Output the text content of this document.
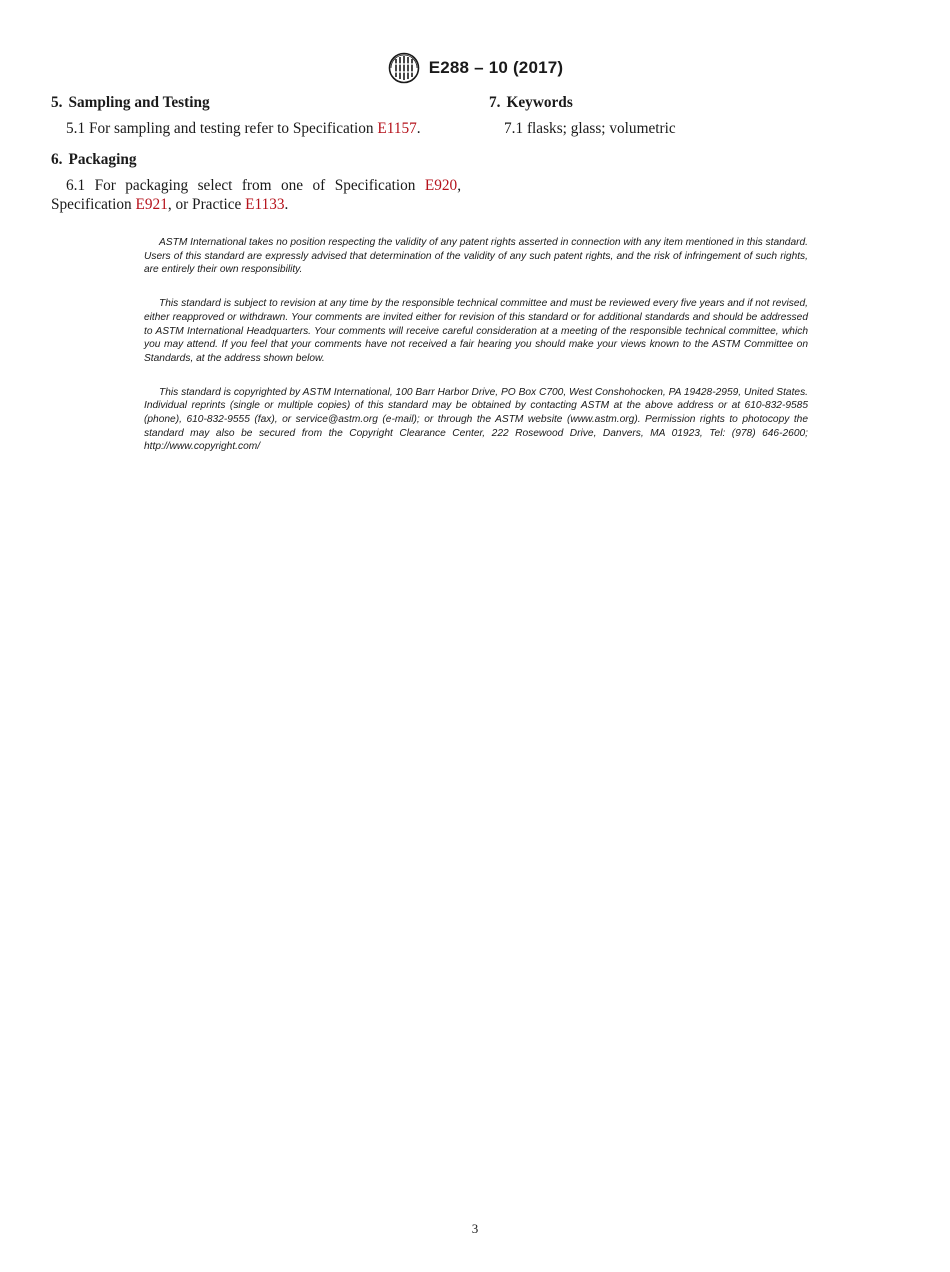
E288 – 10 (2017)
5. Sampling and Testing

5.1 For sampling and testing refer to Specification E1157.

6. Packaging

6.1 For packaging select from one of Specification E920, Specification E921, or Practice E1133.

7. Keywords

7.1 flasks; glass; volumetric

ASTM International takes no position respecting the validity of any patent rights asserted in connection with any item mentioned in this standard. Users of this standard are expressly advised that determination of the validity of any such patent rights, and the risk of infringement of such rights, are entirely their own responsibility.

This standard is subject to revision at any time by the responsible technical committee and must be reviewed every five years and if not revised, either reapproved or withdrawn. Your comments are invited either for revision of this standard or for additional standards and should be addressed to ASTM International Headquarters. Your comments will receive careful consideration at a meeting of the responsible technical committee, which you may attend. If you feel that your comments have not received a fair hearing you should make your views known to the ASTM Committee on Standards, at the address shown below.

This standard is copyrighted by ASTM International, 100 Barr Harbor Drive, PO Box C700, West Conshohocken, PA 19428-2959, United States. Individual reprints (single or multiple copies) of this standard may be obtained by contacting ASTM at the above address or at 610-832-9585 (phone), 610-832-9555 (fax), or service@astm.org (e-mail); or through the ASTM website (www.astm.org). Permission rights to photocopy the standard may also be secured from the Copyright Clearance Center, 222 Rosewood Drive, Danvers, MA 01923, Tel: (978) 646-2600; http://www.copyright.com/

3
